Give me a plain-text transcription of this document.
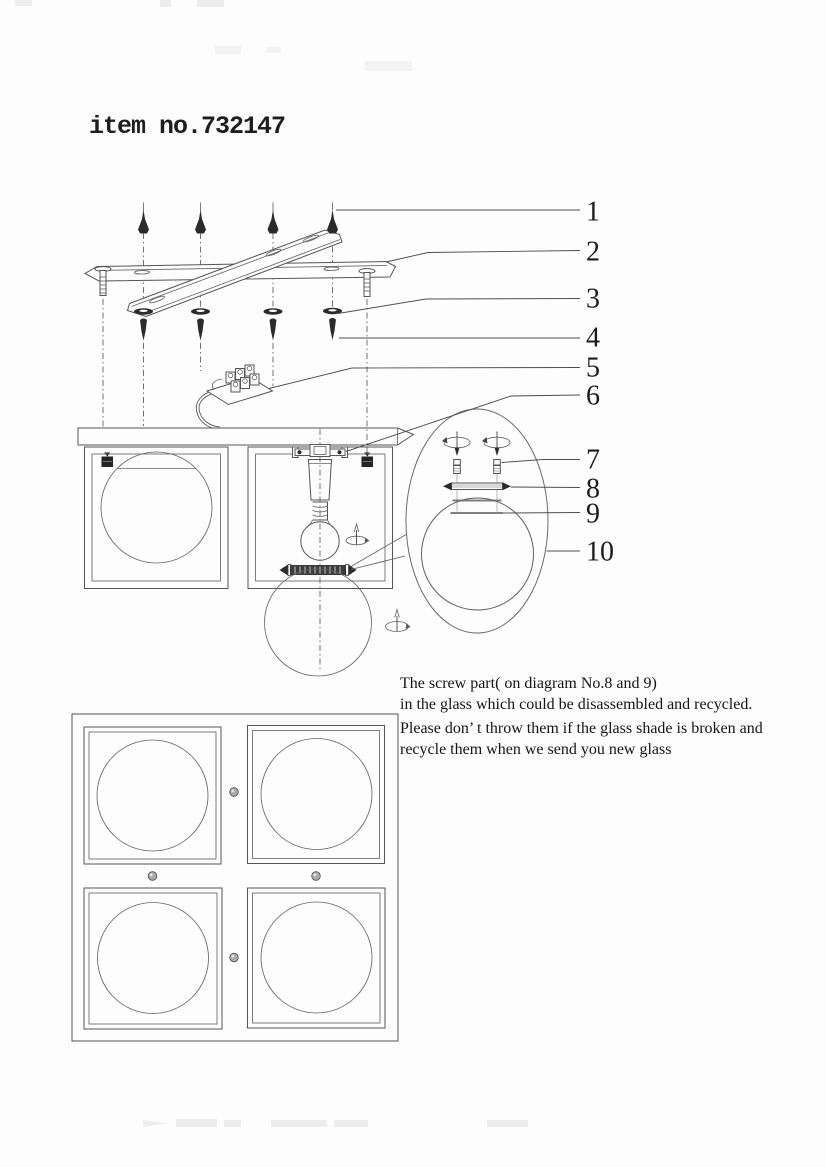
item no.732147
1
2
3
4
5
6
7
8
9
10
The screw part( on diagram No.8 and 9)
in the glass which could be disassembled and recycled.
Please don’ t throw them if the glass shade is broken and
recycle them when we send you new glass
